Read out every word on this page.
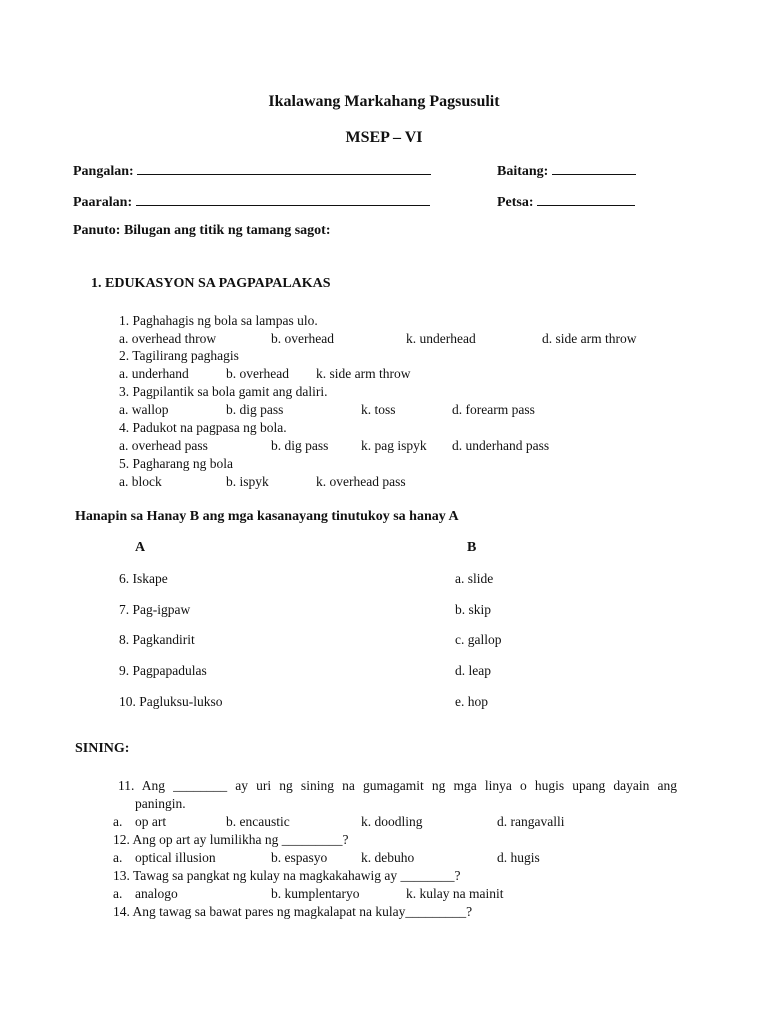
Ikalawang Markahang Pagsusulit
MSEP – VI
Pangalan:	Baitang:
Paaralan:	Petsa:
Panuto: Bilugan ang titik ng tamang sagot:
1. EDUKASYON SA PAGPAPALAKAS
1. Paghahagis ng bola sa lampas ulo.
a. overhead throw	b. overhead	k. underhead	d. side arm throw
2. Tagilirang paghagis
a. underhand	b. overhead k. side arm throw
3. Pagpilantik sa bola gamit ang daliri.
a. wallop	b. dig pass	k. toss	d. forearm pass
4. Padukot na pagpasa ng bola.
a. overhead pass	b. dig pass k. pag ispyk d. underhand pass
5. Pagharang ng bola
a. block	b. ispyk	k. overhead pass
Hanapin sa Hanay B ang mga kasanayang tinutukoy sa hanay A
A	B
6. Iskape	a. slide
7. Pag-igpaw	b. skip
8. Pagkandirit	c. gallop
9. Pagpapadulas	d. leap
10. Pagluksu-lukso	e. hop
SINING:
11. Ang ________ ay uri ng sining na gumagamit ng mga linya o hugis upang dayain ang
paningin.
a. op art	b. encaustic	k. doodling	d. rangavalli
12. Ang op art ay lumilikha ng _________?
a. optical illusion	b. espasyo	k. debuho	d. hugis
13. Tawag sa pangkat ng kulay na magkakahawig ay ________?
a. analogo	b. kumplentaryo	k. kulay na mainit
14. Ang tawag sa bawat pares ng magkalapat na kulay_________?
